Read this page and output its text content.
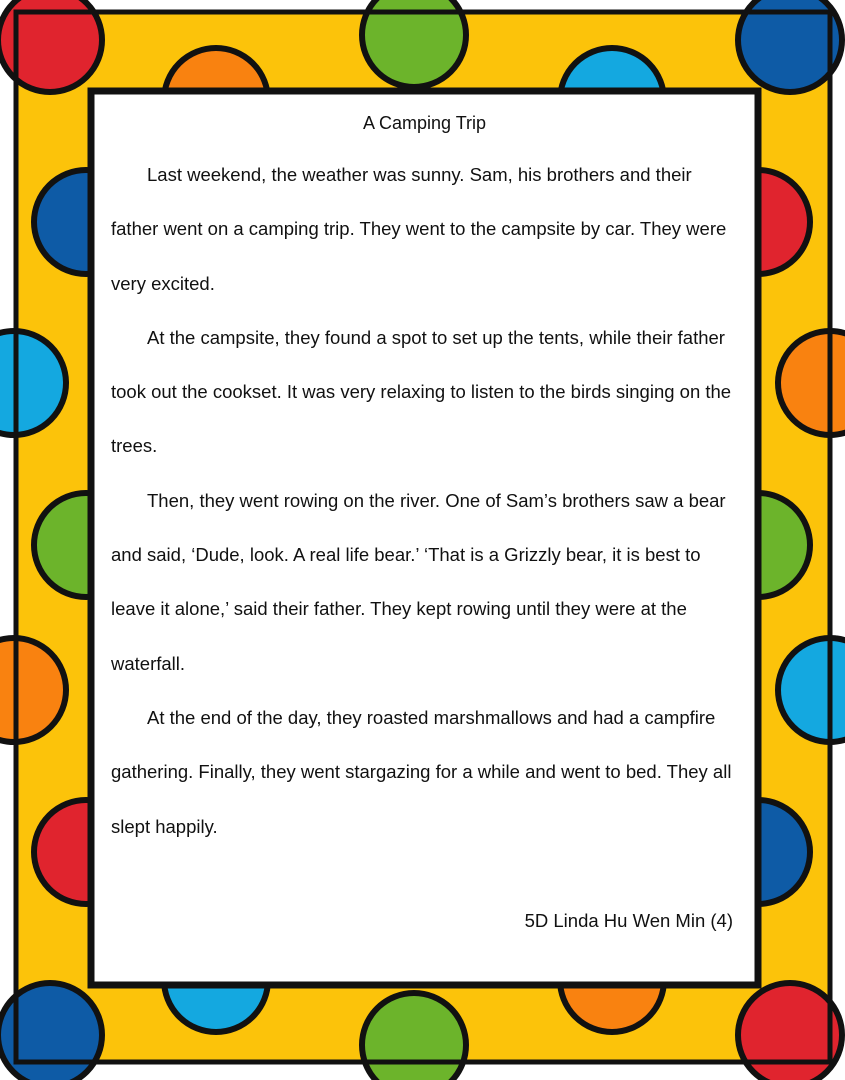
A Camping Trip

Last weekend, the weather was sunny. Sam, his brothers and their father went on a camping trip. They went to the campsite by car. They were very excited.

At the campsite, they found a spot to set up the tents, while their father took out the cookset. It was very relaxing to listen to the birds singing on the trees.

Then, they went rowing on the river. One of Sam’s brothers saw a bear and said, ‘Dude, look. A real life bear.’ ‘That is a Grizzly bear, it is best to leave it alone,’ said their father. They kept rowing until they were at the waterfall.

At the end of the day, they roasted marshmallows and had a campfire gathering. Finally, they went stargazing for a while and went to bed. They all slept happily.

5D Linda Hu Wen Min (4)
